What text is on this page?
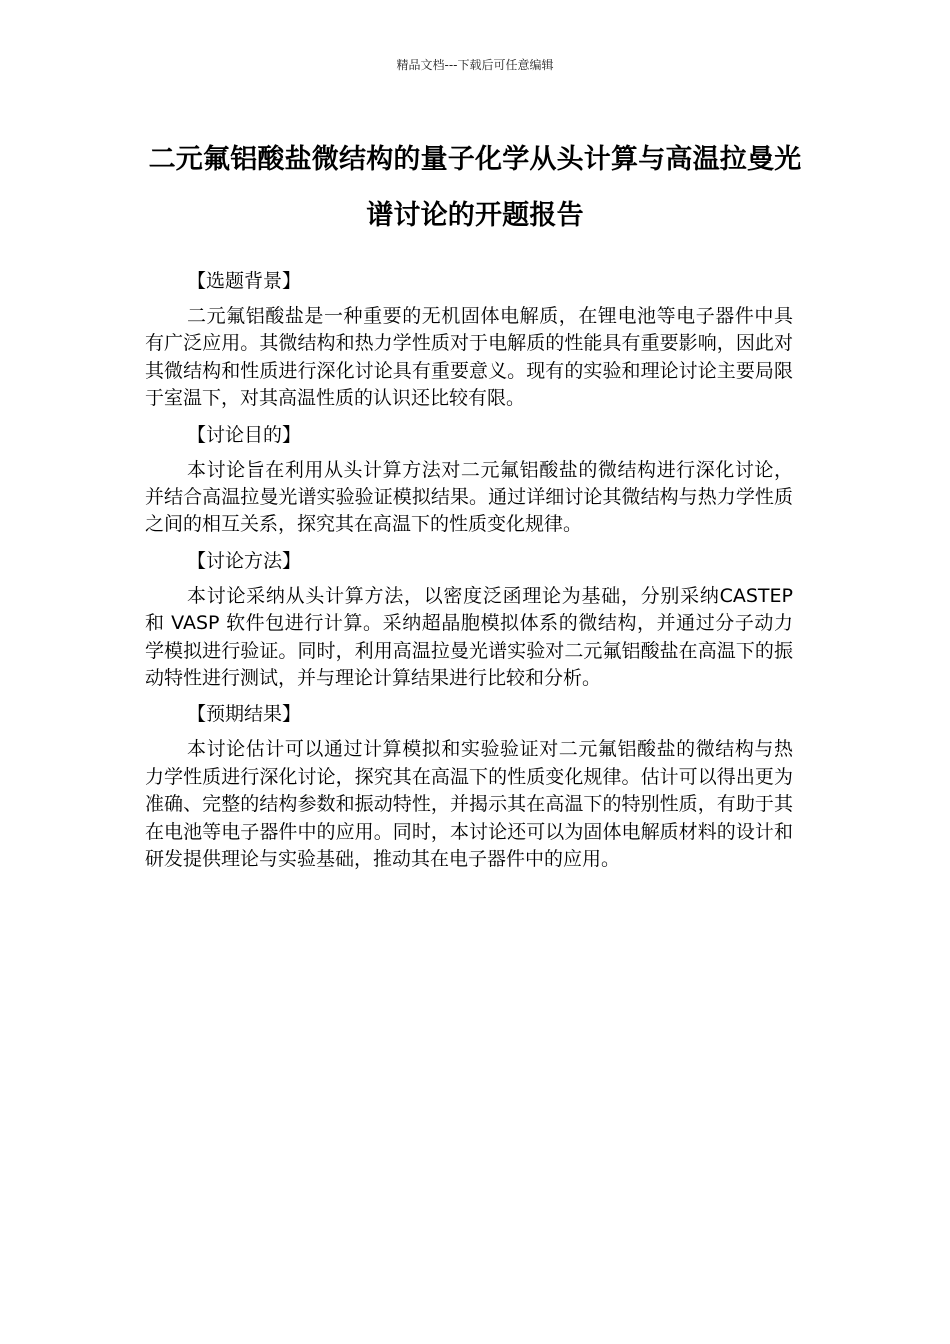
精品文档---下载后可任意编辑
二元氟铝酸盐微结构的量子化学从头计算与高温拉曼光谱讨论的开题报告

【选题背景】

二元氟铝酸盐是一种重要的无机固体电解质，在锂电池等电子器件中具有广泛应用。其微结构和热力学性质对于电解质的性能具有重要影响，因此对其微结构和性质进行深化讨论具有重要意义。现有的实验和理论讨论主要局限于室温下，对其高温性质的认识还比较有限。

【讨论目的】

本讨论旨在利用从头计算方法对二元氟铝酸盐的微结构进行深化讨论，并结合高温拉曼光谱实验验证模拟结果。通过详细讨论其微结构与热力学性质之间的相互关系，探究其在高温下的性质变化规律。

【讨论方法】

本讨论采纳从头计算方法，以密度泛函理论为基础，分别采纳CASTEP 和 VASP 软件包进行计算。采纳超晶胞模拟体系的微结构，并通过分子动力学模拟进行验证。同时，利用高温拉曼光谱实验对二元氟铝酸盐在高温下的振动特性进行测试，并与理论计算结果进行比较和分析。

【预期结果】

本讨论估计可以通过计算模拟和实验验证对二元氟铝酸盐的微结构与热力学性质进行深化讨论，探究其在高温下的性质变化规律。估计可以得出更为准确、完整的结构参数和振动特性，并揭示其在高温下的特别性质，有助于其在电池等电子器件中的应用。同时，本讨论还可以为固体电解质材料的设计和研发提供理论与实验基础，推动其在电子器件中的应用。
